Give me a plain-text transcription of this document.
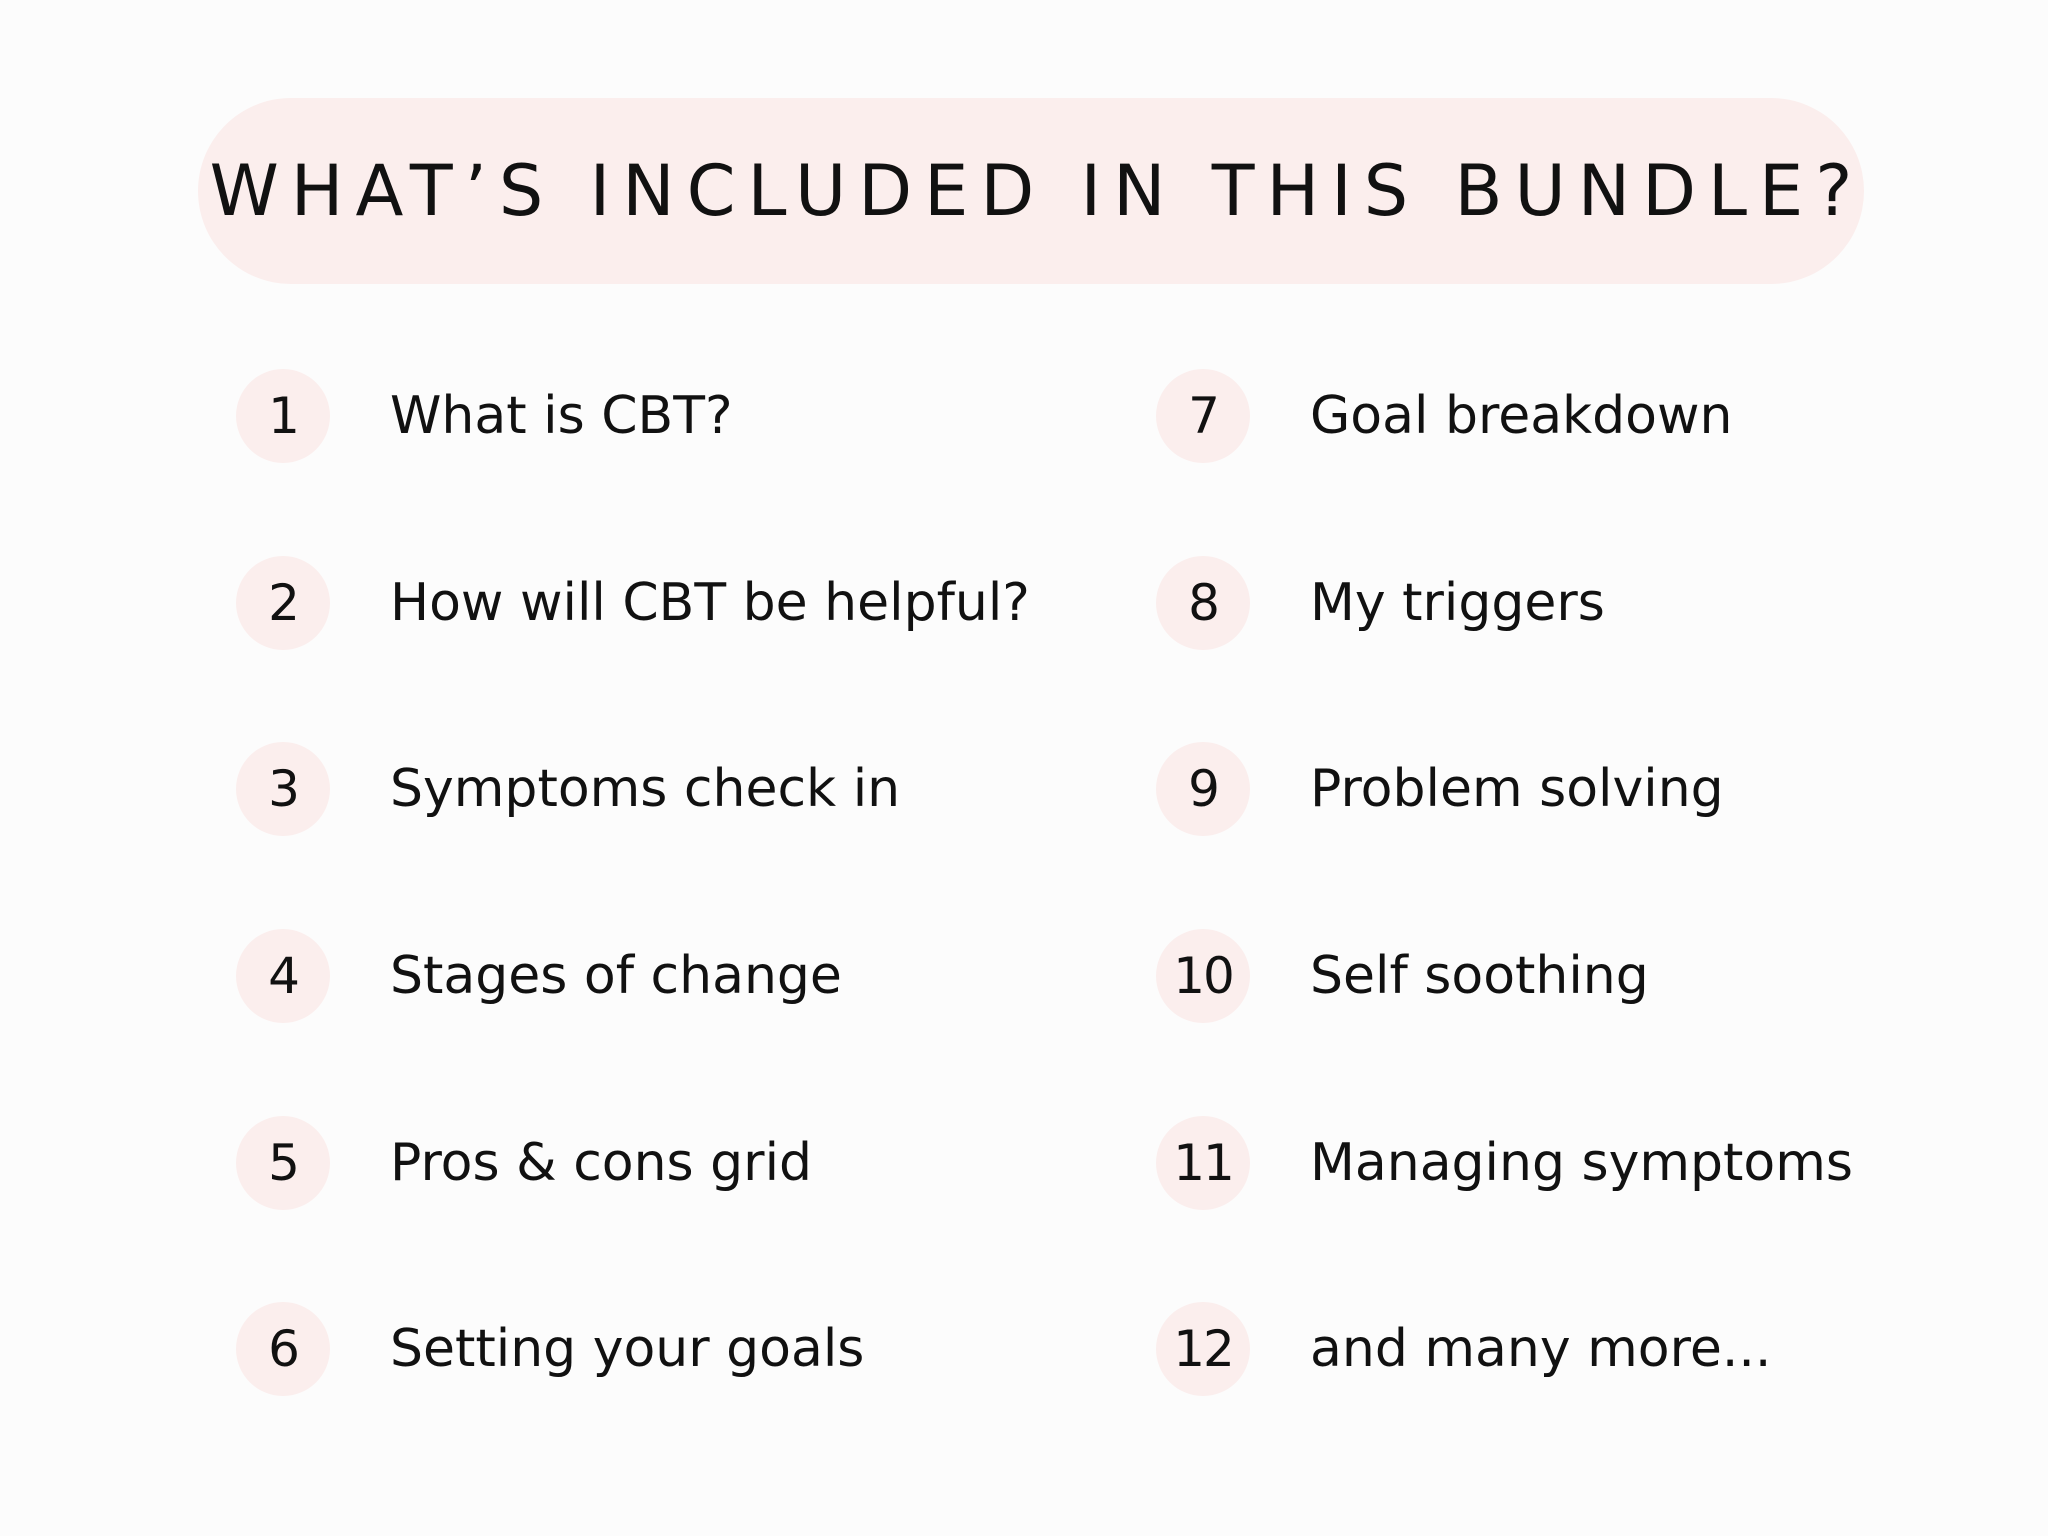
WHAT’S INCLUDED IN THIS BUNDLE?
1 What is CBT?
2 How will CBT be helpful?
3 Symptoms check in
4 Stages of change
5 Pros & cons grid
6 Setting your goals
7 Goal breakdown
8 My triggers
9 Problem solving
10 Self soothing
11 Managing symptoms
12 and many more...
